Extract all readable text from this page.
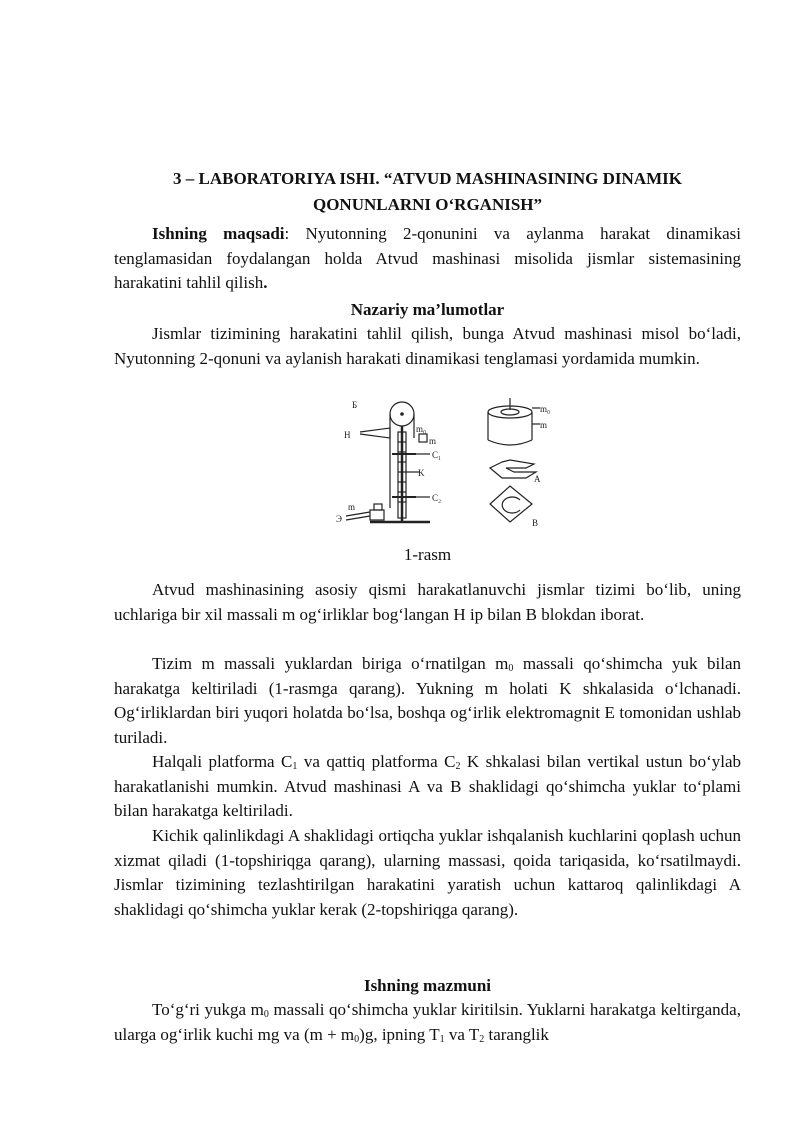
3 – LABORATORIYA ISHI. “ATVUD MASHINASINING DINAMIK
QONUNLARNI O‘RGANISH”

Ishning maqsadi: Nyutonning 2-qonunini va aylanma harakat dinamikasi tenglamasidan foydalangan holda Atvud mashinasi misolida jismlar sistemasining harakatini tahlil qilish.

Nazariy ma’lumotlar

Jismlar tizimining harakatini tahlil qilish, bunga Atvud mashinasi misol bo‘ladi, Nyutonning 2-qonuni va aylanish harakati dinamikasi tenglamasi yordamida mumkin.

Б
H
m₀
m
C₁
K
C₂
m
Э
m₀
m
A
B
1-rasm

Atvud mashinasining asosiy qismi harakatlanuvchi jismlar tizimi bo‘lib, uning uchlariga bir xil massali m og‘irliklar bog‘langan H ip bilan B blokdan iborat.

Tizim m massali yuklardan biriga o‘rnatilgan $m_0$ massali qo‘shimcha yuk bilan harakatga keltiriladi (1-rasmga qarang). Yukning m holati K shkalasida o‘lchanadi. Og‘irliklardan biri yuqori holatda bo‘lsa, boshqa og‘irlik elektromagnit E tomonidan ushlab turiladi.

Halqali platforma $C_1$ va qattiq platforma $C_2$ K shkalasi bilan vertikal ustun bo‘ylab harakatlanishi mumkin. Atvud mashinasi A va B shaklidagi qo‘shimcha yuklar to‘plami bilan harakatga keltiriladi.

Kichik qalinlikdagi A shaklidagi ortiqcha yuklar ishqalanish kuchlarini qoplash uchun xizmat qiladi (1-topshiriqga qarang), ularning massasi, qoida tariqasida, ko‘rsatilmaydi. Jismlar tizimining tezlashtirilgan harakatini yaratish uchun kattaroq qalinlikdagi A shaklidagi qo‘shimcha yuklar kerak (2-topshiriqga qarang).

Ishning mazmuni

To‘g‘ri yukga $m_0$ massali qo‘shimcha yuklar kiritilsin. Yuklarni harakatga keltirganda, ularga og‘irlik kuchi mg va $(m + m_0)g$, ipning $T_1$ va $T_2$ taranglik
